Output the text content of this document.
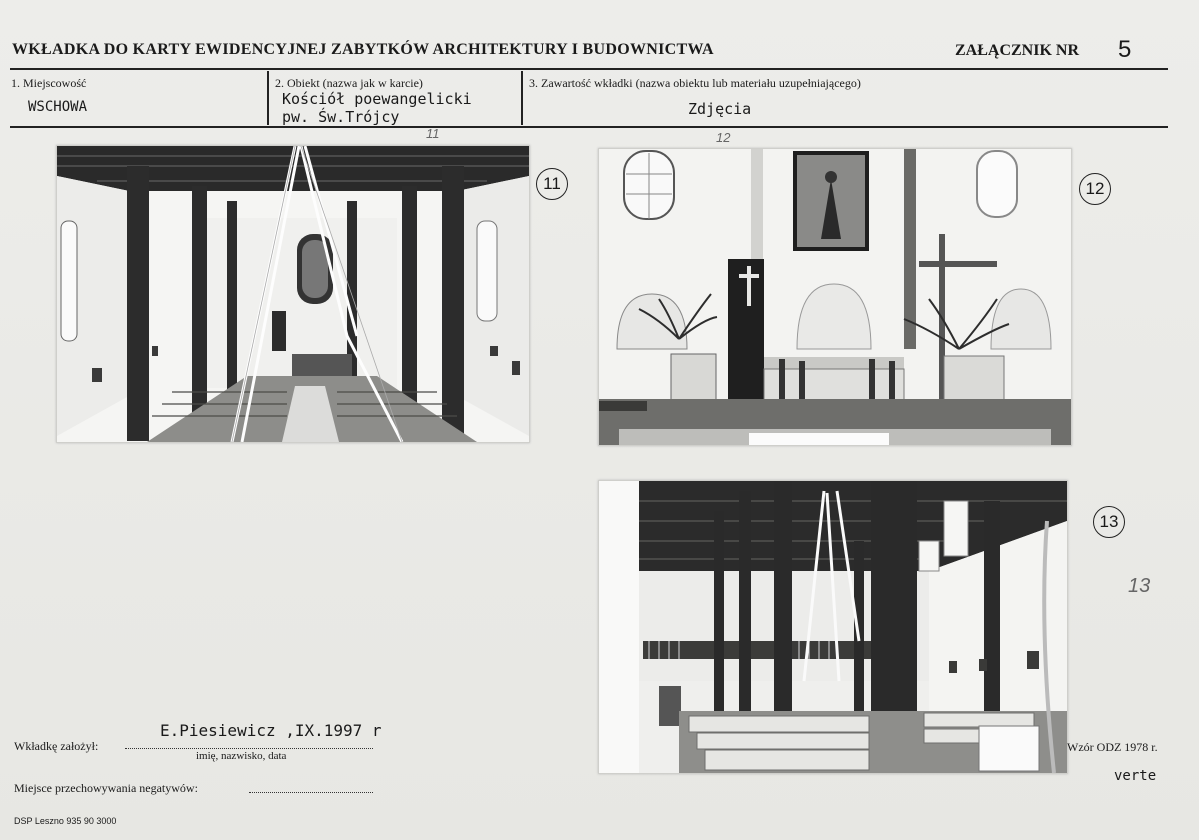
WKŁADKA DO KARTY EWIDENCYJNEJ ZABYTKÓW ARCHITEKTURY I BUDOWNICTWA	ZAŁĄCZNIK NR 5
1. Miejscowość
WSCHOWA
2. Obiekt (nazwa jak w karcie)
Kościół poewangelicki
pw. Św.Trójcy
3. Zawartość wkładki (nazwa obiektu lub materiału uzupełniającego)
Zdjęcia
11
11
12
12
13
13
Wkładkę założył:
E.Piesiewicz ,IX.1997 r
imię, nazwisko, data
Miejsce przechowywania negatywów:
Wzór ODZ 1978 r.
verte
DSP Leszno 935 90 3000
